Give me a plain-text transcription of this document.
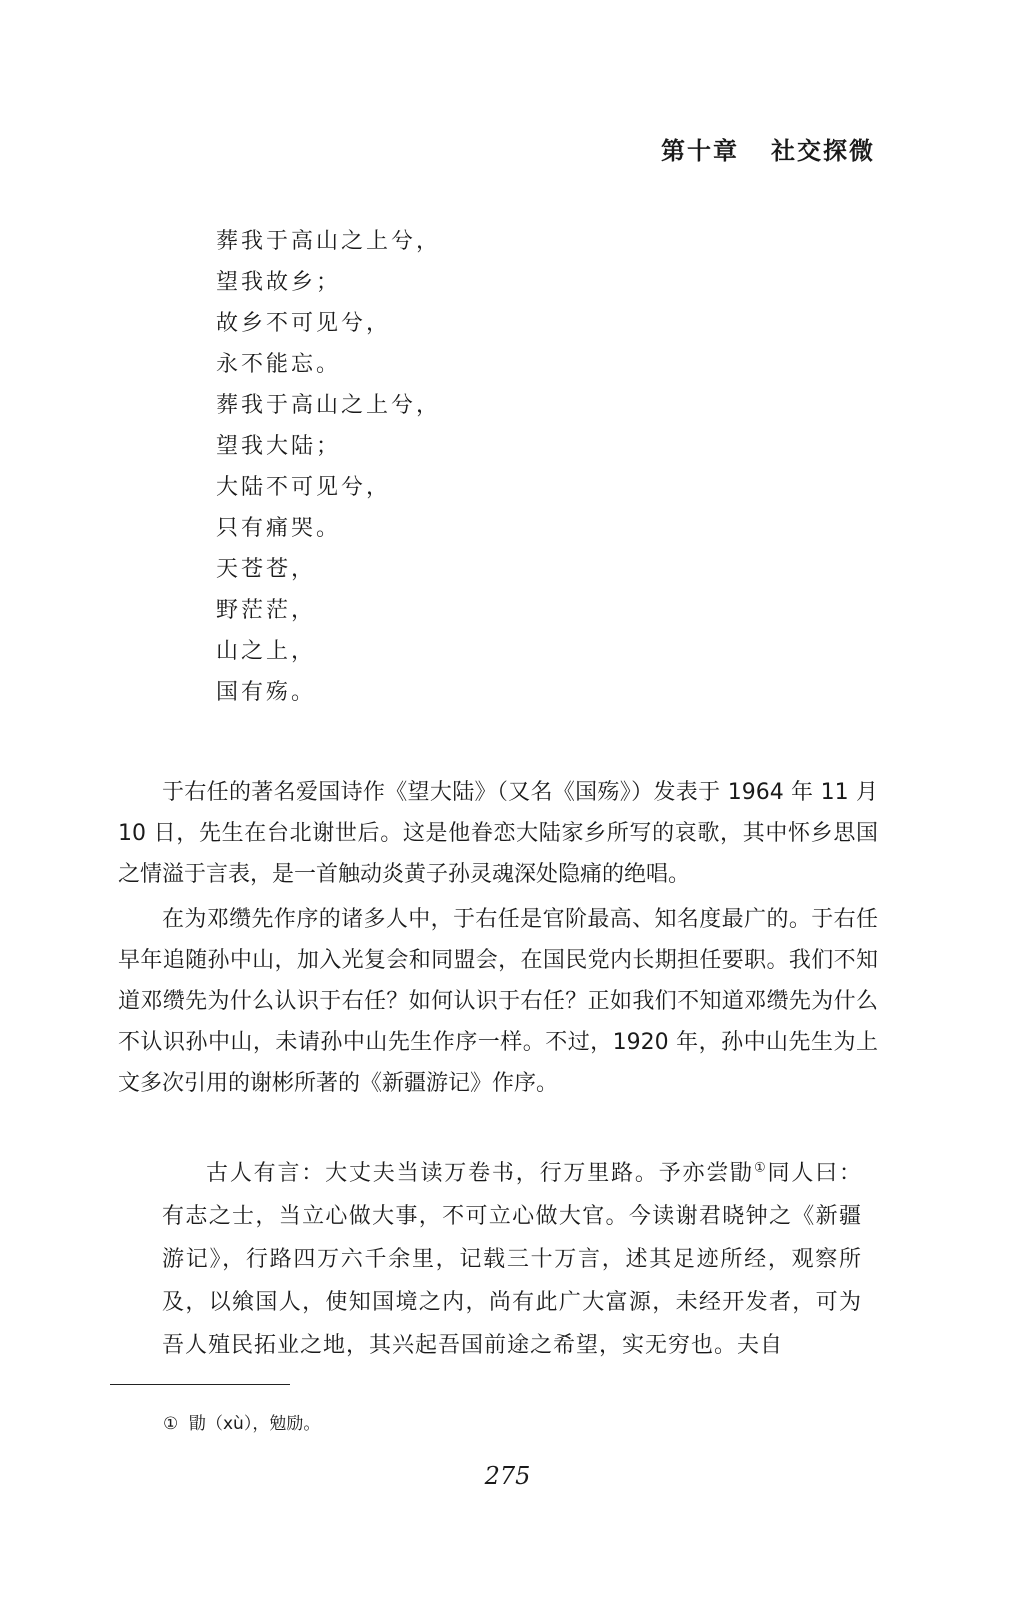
第十章 社交探微
葬我于高山之上兮，
望我故乡；
故乡不可见兮，
永不能忘。
葬我于高山之上兮，
望我大陆；
大陆不可见兮，
只有痛哭。
天苍苍，
野茫茫，
山之上，
国有殇。

于右任的著名爱国诗作《望大陆》（又名《国殇》）发表于 1964 年 11 月 10 日，先生在台北谢世后。这是他眷恋大陆家乡所写的哀歌，其中怀乡思国之情溢于言表，是一首触动炎黄子孙灵魂深处隐痛的绝唱。

在为邓缵先作序的诸多人中，于右任是官阶最高、知名度最广的。于右任早年追随孙中山，加入光复会和同盟会，在国民党内长期担任要职。我们不知道邓缵先为什么认识于右任？如何认识于右任？正如我们不知道邓缵先为什么不认识孙中山，未请孙中山先生作序一样。不过，1920 年，孙中山先生为上文多次引用的谢彬所著的《新疆游记》作序。

古人有言：大丈夫当读万卷书，行万里路。予亦尝勖①同人曰：有志之士，当立心做大事，不可立心做大官。今读谢君晓钟之《新疆游记》，行路四万六千余里，记载三十万言，述其足迹所经，观察所及，以飨国人，使知国境之内，尚有此广大富源，未经开发者，可为吾人殖民拓业之地，其兴起吾国前途之希望，实无穷也。夫自

① 勖（xù），勉励。
275
